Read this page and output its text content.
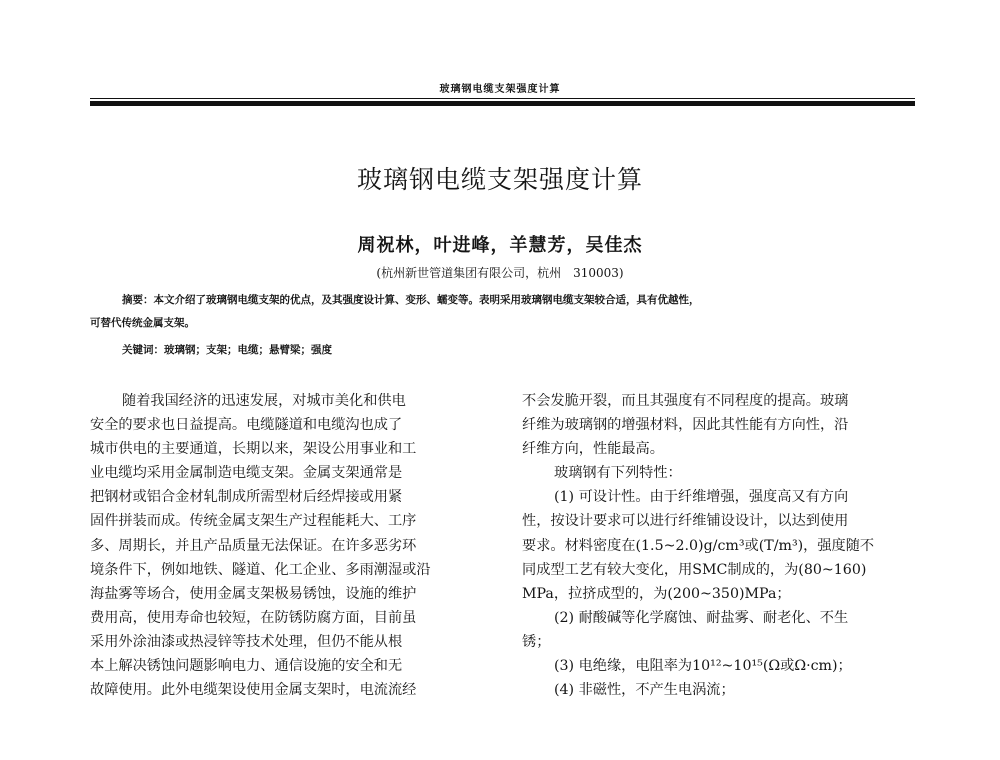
玻璃钢电缆支架强度计算
玻璃钢电缆支架强度计算
周祝林，叶进峰，羊慧芳，吴佳杰
(杭州新世管道集团有限公司，杭州　310003)

摘要：本文介绍了玻璃钢电缆支架的优点，及其强度设计算、变形、蠕变等。表明采用玻璃钢电缆支架较合适，具有优越性，

可替代传统金属支架。

关键词：玻璃钢；支架；电缆；悬臂梁；强度
随着我国经济的迅速发展，对城市美化和供电
安全的要求也日益提高。电缆隧道和电缆沟也成了
城市供电的主要通道，长期以来，架设公用事业和工
业电缆均采用金属制造电缆支架。金属支架通常是
把钢材或铝合金材轧制成所需型材后经焊接或用紧
固件拼装而成。传统金属支架生产过程能耗大、工序
多、周期长，并且产品质量无法保证。在许多恶劣环
境条件下，例如地铁、隧道、化工企业、多雨潮湿或沿
海盐雾等场合，使用金属支架极易锈蚀，设施的维护
费用高，使用寿命也较短，在防锈防腐方面，目前虽
采用外涂油漆或热浸锌等技术处理，但仍不能从根
本上解决锈蚀问题影响电力、通信设施的安全和无
故障使用。此外电缆架设使用金属支架时，电流流经
不会发脆开裂，而且其强度有不同程度的提高。玻璃
纤维为玻璃钢的增强材料，因此其性能有方向性，沿
纤维方向，性能最高。
玻璃钢有下列特性：
(1) 可设计性。由于纤维增强，强度高又有方向
性，按设计要求可以进行纤维铺设设计，以达到使用
要求。材料密度在(1.5~2.0)g/cm³或(T/m³)，强度随不
同成型工艺有较大变化，用SMC制成的，为(80~160)
MPa，拉挤成型的，为(200~350)MPa；
(2) 耐酸碱等化学腐蚀、耐盐雾、耐老化、不生
锈；
(3) 电绝缘，电阻率为10¹²~10¹⁵(Ω或Ω·cm)；
(4) 非磁性，不产生电涡流；
